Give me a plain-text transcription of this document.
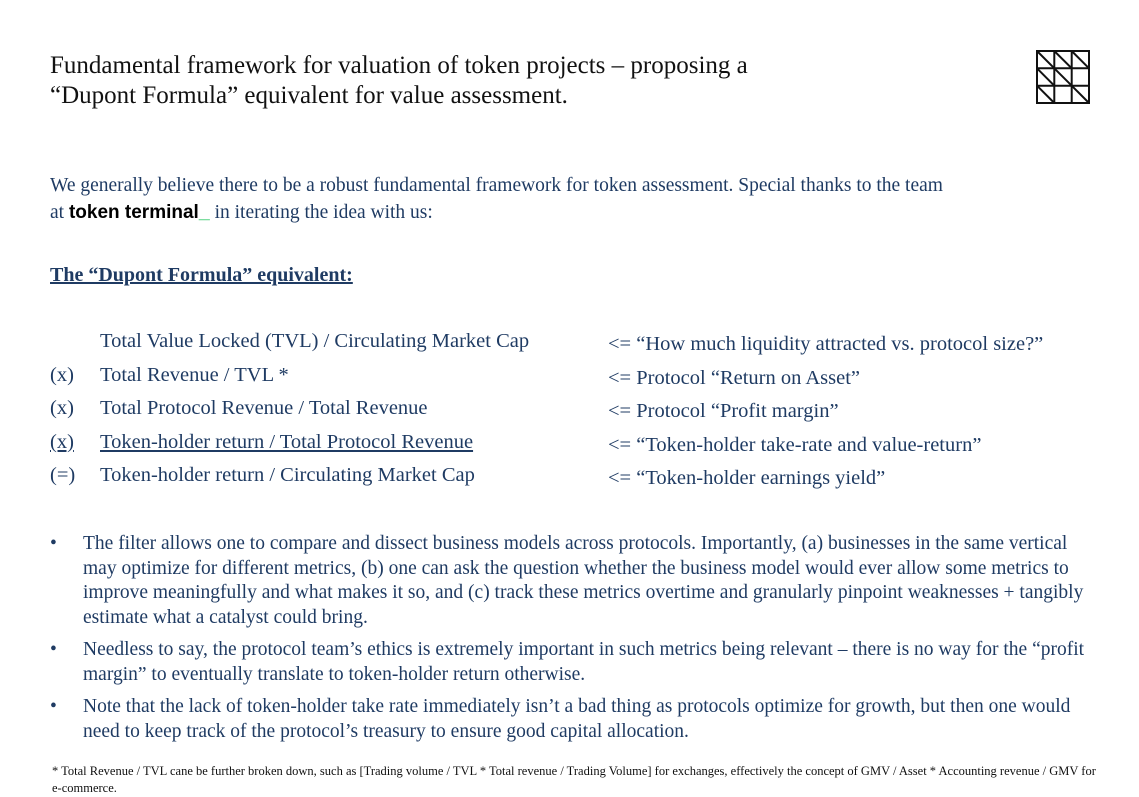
Fundamental framework for valuation of token projects – proposing a
“Dupont Formula” equivalent for value assessment.
We generally believe there to be a robust fundamental framework for token assessment. Special thanks to the team
at token terminal_ in iterating the idea with us:
The “Dupont Formula” equivalent:
Total Value Locked (TVL) / Circulating Market Cap	<= “How much liquidity attracted vs. protocol size?”
(x) Total Revenue / TVL *	<= Protocol “Return on Asset”
(x) Total Protocol Revenue / Total Revenue	<= Protocol “Profit margin”
(x)	Token-holder return / Total Protocol Revenue	<= “Token-holder take-rate and value-return”
(=) Token-holder return / Circulating Market Cap	<= “Token-holder earnings yield”
• The filter allows one to compare and dissect business models across protocols. Importantly, (a) businesses in the same vertical may optimize for different metrics, (b) one can ask the question whether the business model would ever allow some metrics to improve meaningfully and what makes it so, and (c) track these metrics overtime and granularly pinpoint weaknesses + tangibly estimate what a catalyst could bring.
• Needless to say, the protocol team’s ethics is extremely important in such metrics being relevant – there is no way for the “profit margin” to eventually translate to token-holder return otherwise.
• Note that the lack of token-holder take rate immediately isn’t a bad thing as protocols optimize for growth, but then one would need to keep track of the protocol’s treasury to ensure good capital allocation.
* Total Revenue / TVL cane be further broken down, such as [Trading volume / TVL * Total revenue / Trading Volume] for exchanges, effectively the concept of GMV / Asset * Accounting revenue / GMV for e-commerce.
